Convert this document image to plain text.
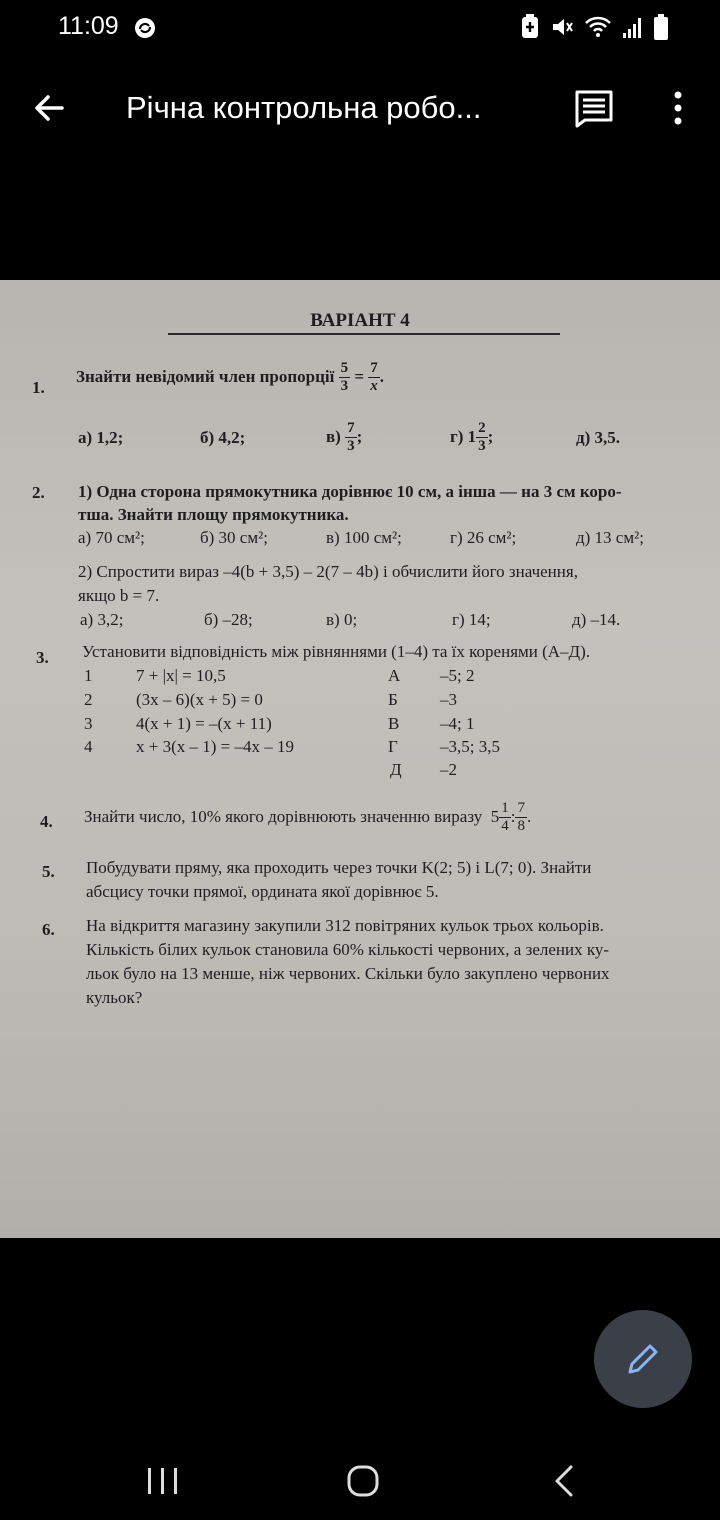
11:09
Річна контрольна робо...
ВАРІАНТ 4
1.
Знайти невідомий член пропорції
$\frac{5}{3} = \frac{7}{x}$ .
а) 1,2;	б) 4,2;	в)
$\frac{7}{3}$ ;	г) $1 \frac{2}{3}$ ;	д) 3,5.
2. 1) Одна сторона прямокутника дорівнює 10 см, а інша — на 3 см коро-
тша. Знайти площу прямокутника.
а) 70 см²;	б) 30 см²;	в) 100 см²;	г) 26 см²;	д) 13 см²;
2) Спростити вираз –4(b + 3,5) – 2(7 – 4b) і обчислити його значення,
якщо b = 7.
а) 3,2;	б) –28;	в) 0;	г) 14;	д) –14.
3. Установити відповідність між рівняннями (1–4) та їх коренями (А–Д).
1	7 + |x| = 10,5
2	(3x – 6)(x + 5) = 0
3	4(x + 1) = –(x + 11)
4	x + 3(x – 1) = –4x – 19
А –5; 2
Б –3
В –4; 1
Г –3,5; 3,5
Д –2
4. Знайти число, 10% якого дорівнюють значенню виразу
$5 \frac{1}{4}$ : $\frac{7}{8}$ .
5. Побудувати пряму, яка проходить через точки K(2; 5) і L(7; 0). Знайти
абсцису точки прямої, ордината якої дорівнює 5.
6. На відкриття магазину закупили 312 повітряних кульок трьох кольорів.
Кількість білих кульок становила 60% кількості червоних, а зелених ку-
льок було на 13 менше, ніж червоних. Скільки було закуплено червоних
кульок?
